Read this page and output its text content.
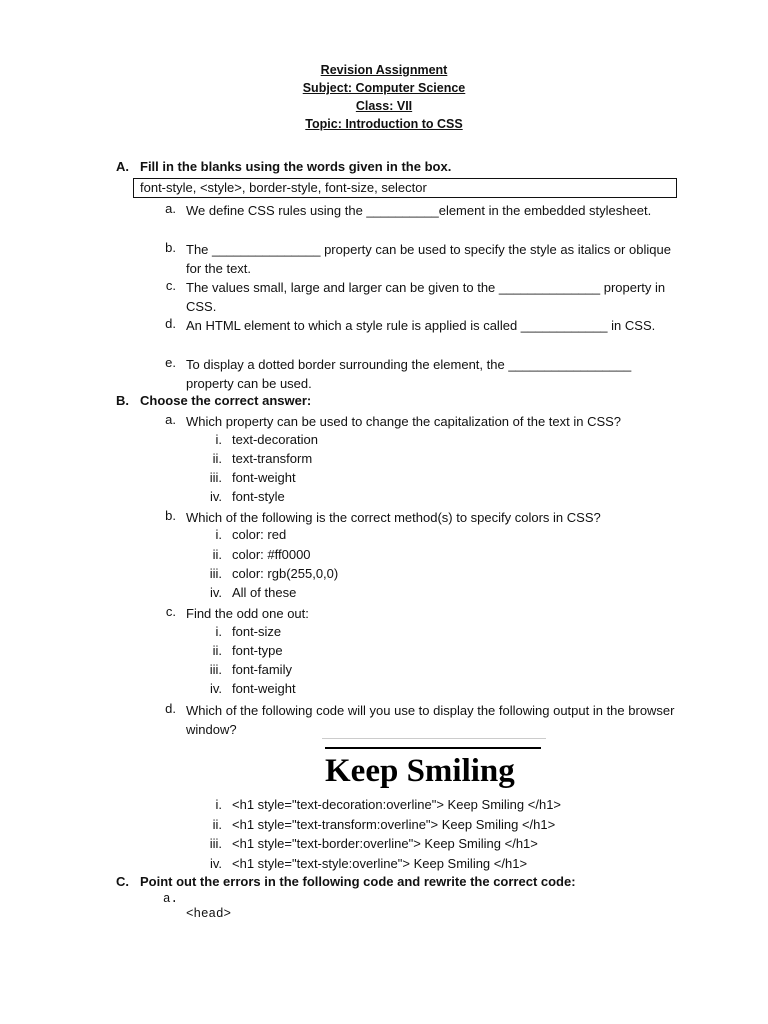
Revision Assignment
Subject: Computer Science
Class: VII
Topic: Introduction to CSS
A. Fill in the blanks using the words given in the box.
font-style, <style>, border-style, font-size, selector
a. We define CSS rules using the __________element in the embedded stylesheet.
b. The _______________ property can be used to specify the style as italics or oblique for the text.
c. The values small, large and larger can be given to the ______________ property in CSS.
d. An HTML element to which a style rule is applied is called ____________ in CSS.
e. To display a dotted border surrounding the element, the _________________ property can be used.
B. Choose the correct answer:
a. Which property can be used to change the capitalization of the text in CSS?
i. text-decoration
ii. text-transform
iii. font-weight
iv. font-style
b. Which of the following is the correct method(s) to specify colors in CSS?
i. color: red
ii. color: #ff0000
iii. color: rgb(255,0,0)
iv. All of these
c. Find the odd one out:
i. font-size
ii. font-type
iii. font-family
iv. font-weight
d. Which of the following code will you use to display the following output in the browser window?
Keep Smiling
i. <h1 style="text-decoration:overline"> Keep Smiling </h1>
ii. <h1 style="text-transform:overline"> Keep Smiling </h1>
iii. <h1 style="text-border:overline"> Keep Smiling </h1>
iv. <h1 style="text-style:overline"> Keep Smiling </h1>
C. Point out the errors in the following code and rewrite the correct code:
a.
<head>
